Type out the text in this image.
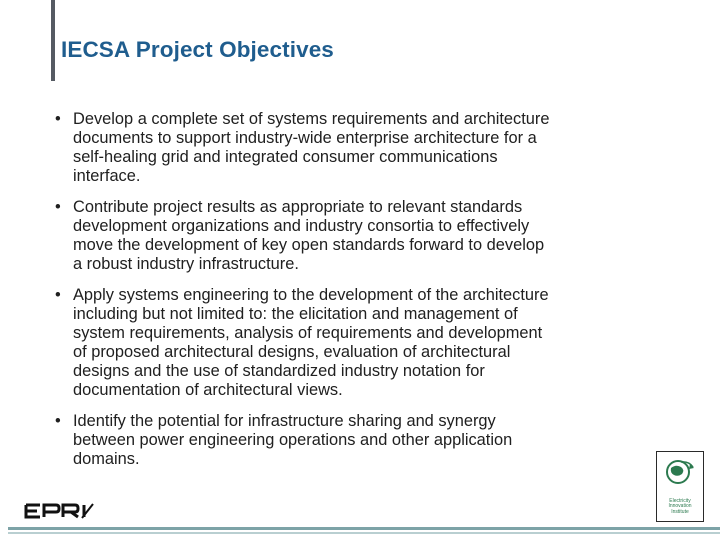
IECSA Project Objectives
• Develop a complete set of systems requirements and architecture
documents to support industry-wide enterprise architecture for a
self-healing grid and integrated consumer communications
interface.
• Contribute project results as appropriate to relevant standards
development organizations and industry consortia to effectively
move the development of key open standards forward to develop
a robust industry infrastructure.
• Apply systems engineering to the development of the architecture
including but not limited to: the elicitation and management of
system requirements, analysis of requirements and development
of proposed architectural designs, evaluation of architectural
designs and the use of standardized industry notation for
documentation of architectural views.
• Identify the potential for infrastructure sharing and synergy
between power engineering operations and other application
domains.
Electricity
Innovation
Institute
